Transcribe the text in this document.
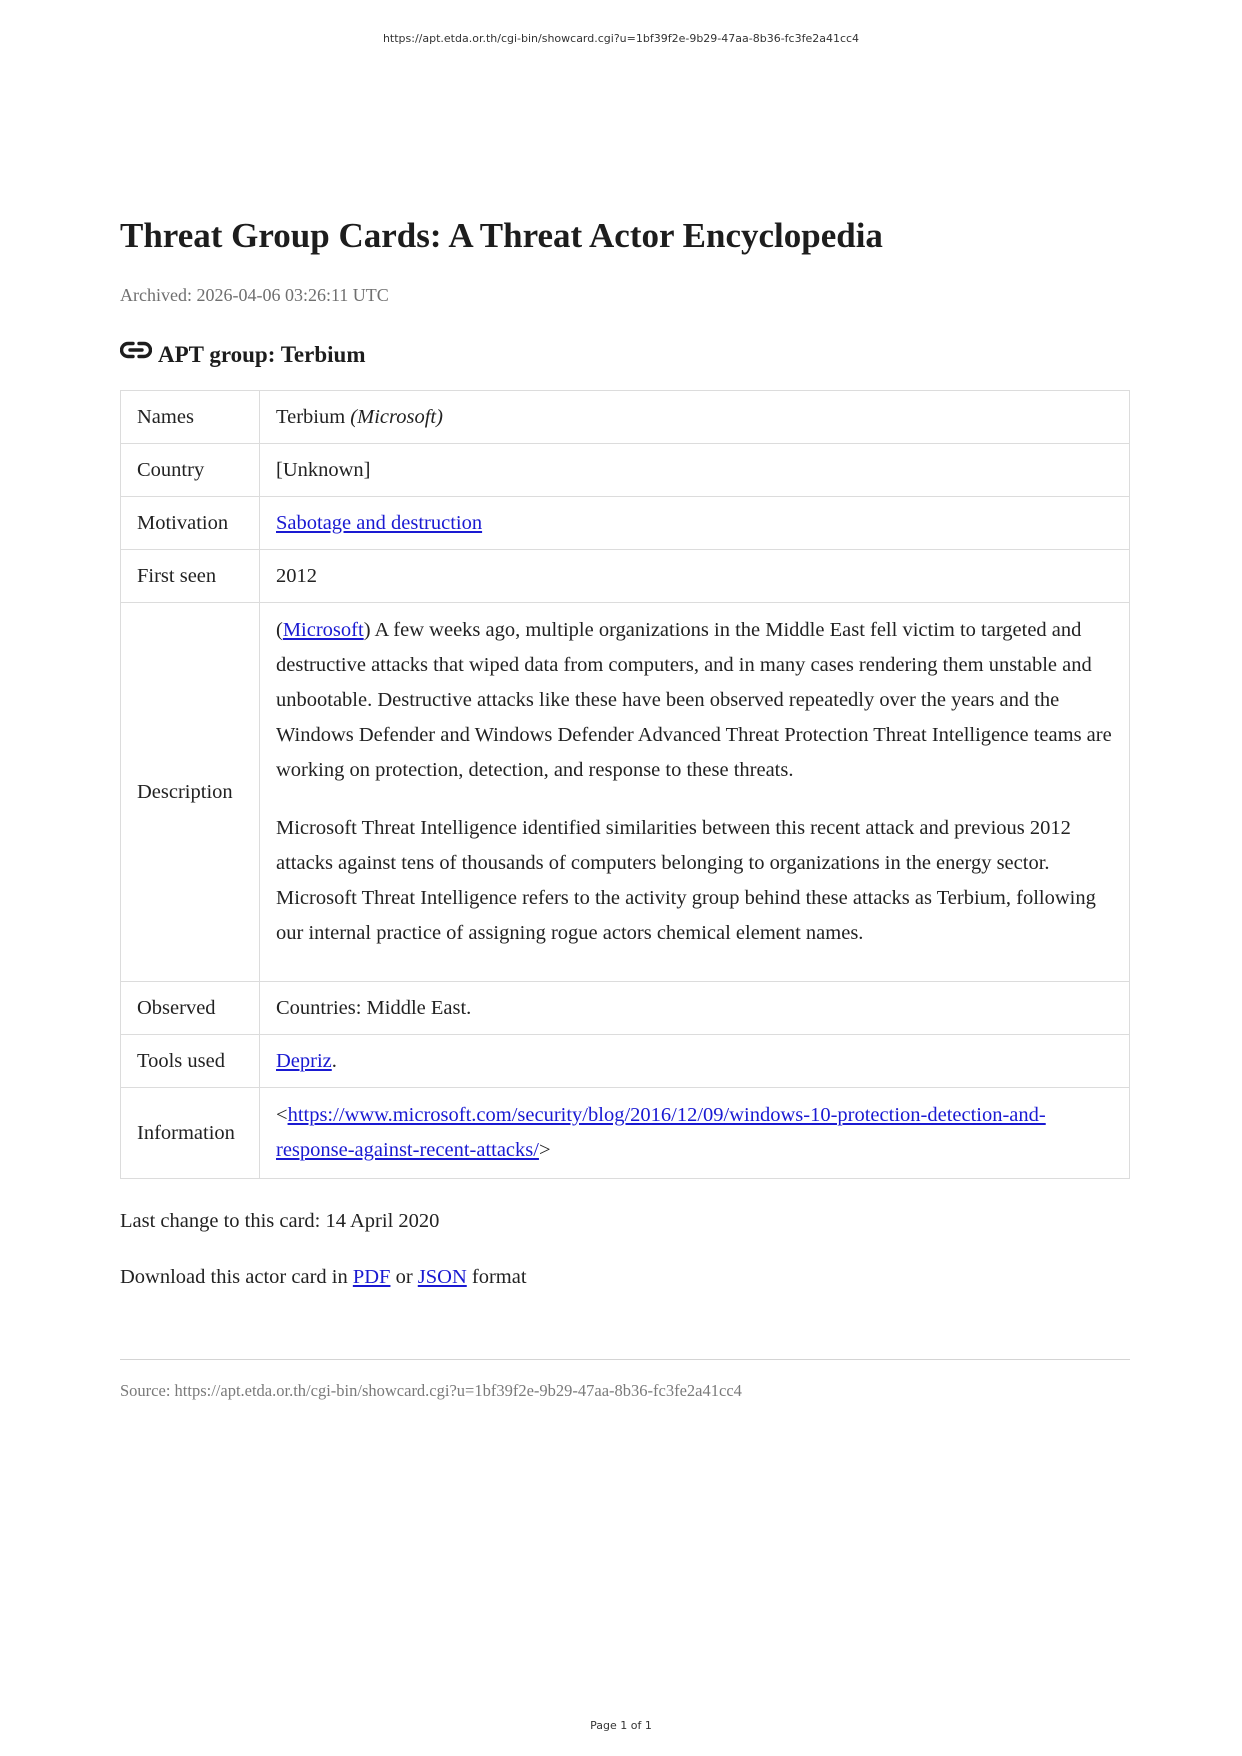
https://apt.etda.or.th/cgi-bin/showcard.cgi?u=1bf39f2e-9b29-47aa-8b36-fc3fe2a41cc4
Threat Group Cards: A Threat Actor Encyclopedia
Archived: 2026-04-06 03:26:11 UTC
APT group: Terbium
Names	Terbium (Microsoft)
Country	[Unknown]
Motivation	Sabotage and destruction
First seen	2012
Description	(Microsoft) A few weeks ago, multiple organizations in the Middle East fell victim to targeted and destructive attacks that wiped data from computers, and in many cases rendering them unstable and unbootable. Destructive attacks like these have been observed repeatedly over the years and the Windows Defender and Windows Defender Advanced Threat Protection Threat Intelligence teams are working on protection, detection, and response to these threats.

Microsoft Threat Intelligence identified similarities between this recent attack and previous 2012 attacks against tens of thousands of computers belonging to organizations in the energy sector. Microsoft Threat Intelligence refers to the activity group behind these attacks as Terbium, following our internal practice of assigning rogue actors chemical element names.

Observed	Countries: Middle East.
Tools used	Depriz.
Information	<https://www.microsoft.com/security/blog/2016/12/09/windows-10-protection-detection-and-response-against-recent-attacks/>
Last change to this card: 14 April 2020
Download this actor card in PDF or JSON format
Source: https://apt.etda.or.th/cgi-bin/showcard.cgi?u=1bf39f2e-9b29-47aa-8b36-fc3fe2a41cc4
Page 1 of 1
